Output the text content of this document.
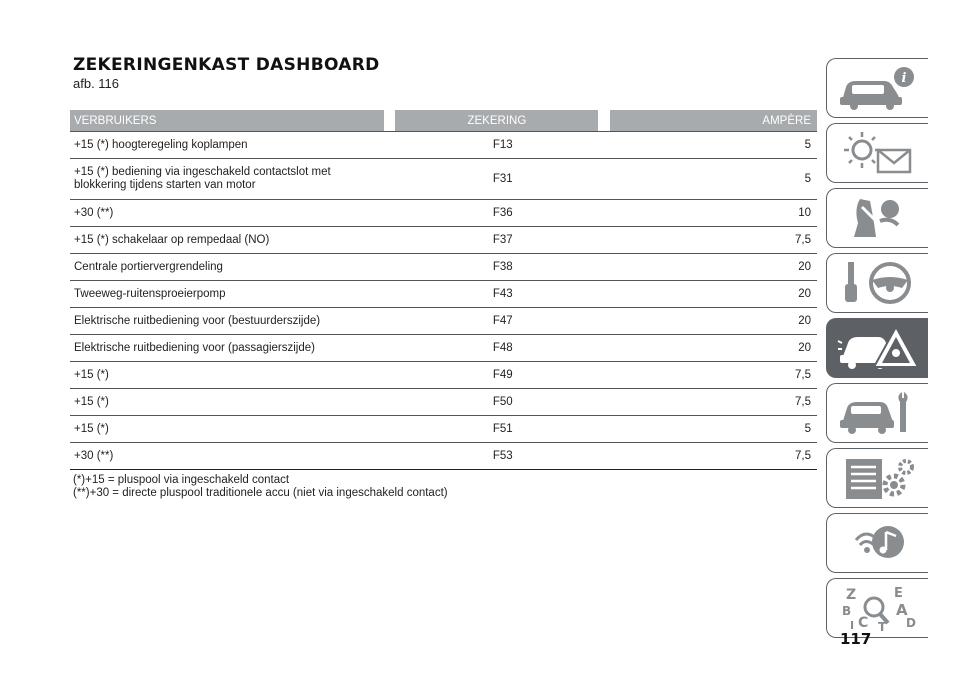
ZEKERINGENKAST DASHBOARD
afb. 116
VERBRUIKERS		ZEKERING		AMPÈRE
+15 (*) hoogteregeling koplampen		F13		5
+15 (*) bediening via ingeschakeld contactslot met
blokkering tijdens starten van motor		F31		5
+30 (**)		F36		10
+15 (*) schakelaar op rempedaal (NO)		F37		7,5
Centrale portiervergrendeling		F38		20
Tweeweg-ruitensproeierpomp		F43		20
Elektrische ruitbediening voor (bestuurderszijde)		F47		20
Elektrische ruitbediening voor (passagierszijde)		F48		20
+15 (*)		F49		7,5
+15 (*)		F50		7,5
+15 (*)		F51		5
+30 (**)		F53		7,5
(*)+15 = pluspool via ingeschakeld contact
(**)+30 = directe pluspool traditionele accu (niet via ingeschakeld contact)
i
Z	E
B	A
C	D
I T
117
